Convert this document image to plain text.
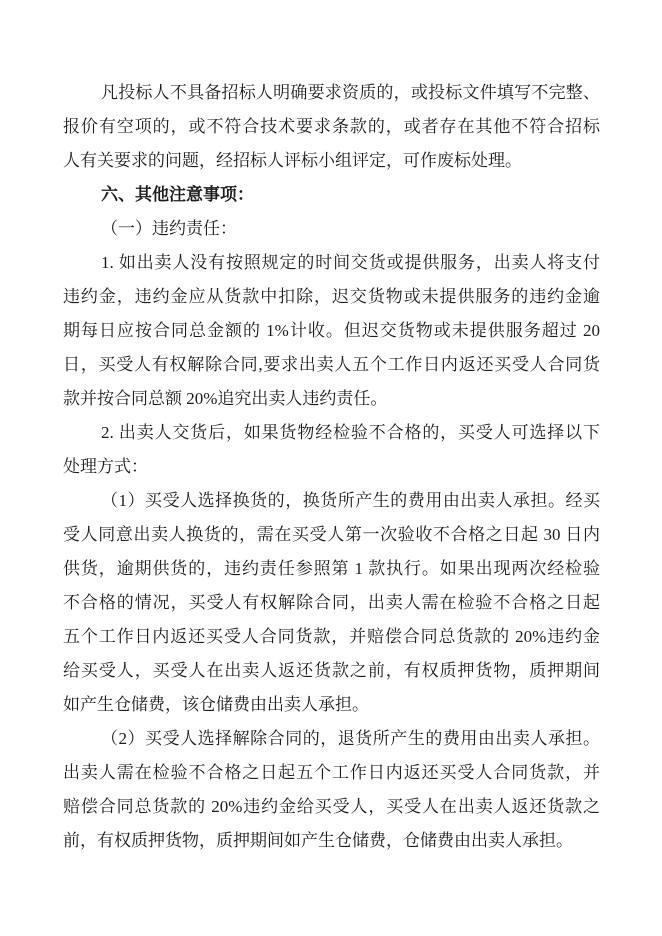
凡投标人不具备招标人明确要求资质的，或投标文件填写不完整、
报价有空项的，或不符合技术要求条款的，或者存在其他不符合招标
人有关要求的问题，经招标人评标小组评定，可作废标处理。
六、其他注意事项：
（一）违约责任：
1. 如出卖人没有按照规定的时间交货或提供服务，出卖人将支付
违约金，违约金应从货款中扣除，迟交货物或未提供服务的违约金逾
期每日应按合同总金额的 1%计收。但迟交货物或未提供服务超过 20
日，买受人有权解除合同,要求出卖人五个工作日内返还买受人合同货
款并按合同总额 20%追究出卖人违约责任。
2. 出卖人交货后，如果货物经检验不合格的，买受人可选择以下
处理方式：
（1）买受人选择换货的，换货所产生的费用由出卖人承担。经买
受人同意出卖人换货的，需在买受人第一次验收不合格之日起 30 日内
供货，逾期供货的，违约责任参照第 1 款执行。如果出现两次经检验
不合格的情况，买受人有权解除合同，出卖人需在检验不合格之日起
五个工作日内返还买受人合同货款，并赔偿合同总货款的 20%违约金
给买受人，买受人在出卖人返还货款之前，有权质押货物，质押期间
如产生仓储费，该仓储费由出卖人承担。
（2）买受人选择解除合同的，退货所产生的费用由出卖人承担。
出卖人需在检验不合格之日起五个工作日内返还买受人合同货款，并
赔偿合同总货款的 20%违约金给买受人，买受人在出卖人返还货款之
前，有权质押货物，质押期间如产生仓储费，仓储费由出卖人承担。
